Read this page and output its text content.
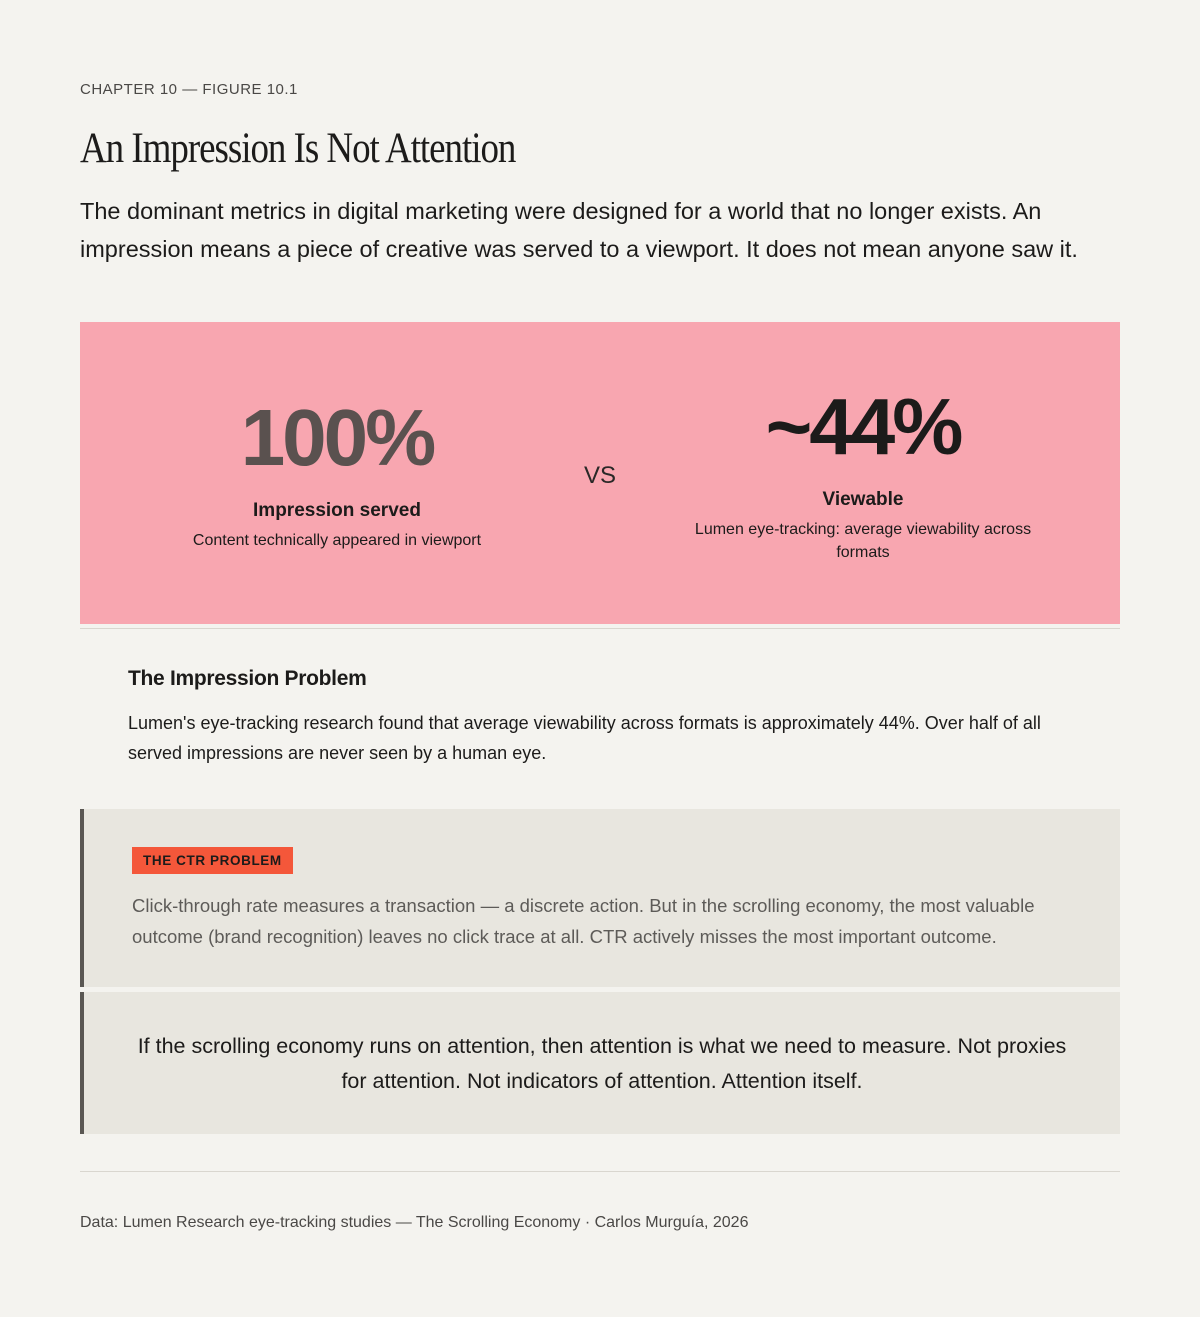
CHAPTER 10 — FIGURE 10.1
An Impression Is Not Attention

The dominant metrics in digital marketing were designed for a world that no longer exists. An impression means a piece of creative was served to a viewport. It does not mean anyone saw it.

100%
Impression served
Content technically appeared in viewport
VS
~44%
Viewable
Lumen eye-tracking: average viewability across formats
The Impression Problem

Lumen's eye-tracking research found that average viewability across formats is approximately 44%. Over half of all served impressions are never seen by a human eye.

THE CTR PROBLEM

Click-through rate measures a transaction — a discrete action. But in the scrolling economy, the most valuable outcome (brand recognition) leaves no click trace at all. CTR actively misses the most important outcome.

If the scrolling economy runs on attention, then attention is what we need to measure. Not proxies for attention. Not indicators of attention. Attention itself.

Data: Lumen Research eye-tracking studies — The Scrolling Economy · Carlos Murguía, 2026
